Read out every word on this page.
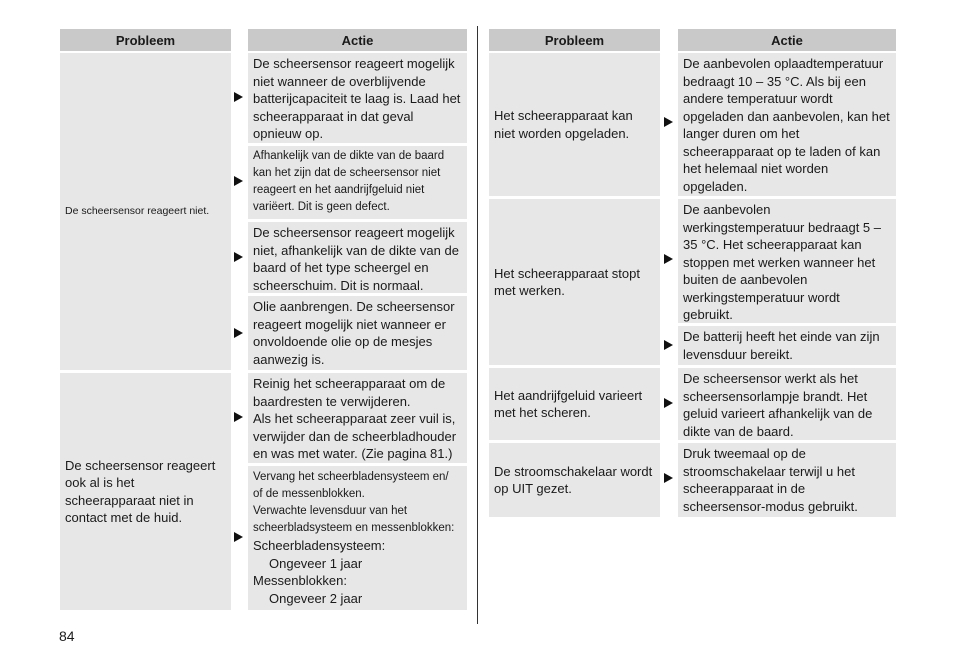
Probleem	Actie
De scheersensor reageert niet.
De scheersensor reageert ook al is het scheerapparaat niet in contact met de huid.
De scheersensor reageert mogelijk niet wanneer de overblijvende batterijcapaciteit te laag is. Laad het scheerapparaat in dat geval opnieuw op.
Afhankelijk van de dikte van de baard kan het zijn dat de scheersensor niet reageert en het aandrijfgeluid niet variëert. Dit is geen defect.
De scheersensor reageert mogelijk niet, afhankelijk van de dikte van de baard of het type scheergel en scheerschuim. Dit is normaal.
Olie aanbrengen. De scheersensor reageert mogelijk niet wanneer er onvoldoende olie op de mesjes aanwezig is.
Reinig het scheerapparaat om de baardresten te verwijderen.
Als het scheerapparaat zeer vuil is, verwijder dan de scheerbladhouder en was met water. (Zie pagina 81.)
Vervang het scheerbladensysteem en/
of de messenblokken.
Verwachte levensduur van het
scheerbladsysteem en messenblokken:
Scheerbladensysteem:
Ongeveer 1 jaar
Messenblokken:
Ongeveer 2 jaar
Probleem	Actie
Het scheerapparaat kan niet worden opgeladen.
Het scheerapparaat stopt met werken.
Het aandrijfgeluid varieert met het scheren.
De stroomschakelaar wordt op UIT gezet.
De aanbevolen oplaadtemperatuur bedraagt 10 – 35 °C. Als bij een andere temperatuur wordt opgeladen dan aanbevolen, kan het langer duren om het scheerapparaat op te laden of kan het helemaal niet worden opgeladen.
De aanbevolen werkingstemperatuur bedraagt 5 – 35 °C. Het scheerapparaat kan stoppen met werken wanneer het buiten de aanbevolen werkingstemperatuur wordt gebruikt.
De batterij heeft het einde van zijn levensduur bereikt.
De scheersensor werkt als het scheersensorlampje brandt. Het geluid varieert afhankelijk van de dikte van de baard.
Druk tweemaal op de stroomschakelaar terwijl u het scheerapparaat in de scheersensor-modus gebruikt.
84
